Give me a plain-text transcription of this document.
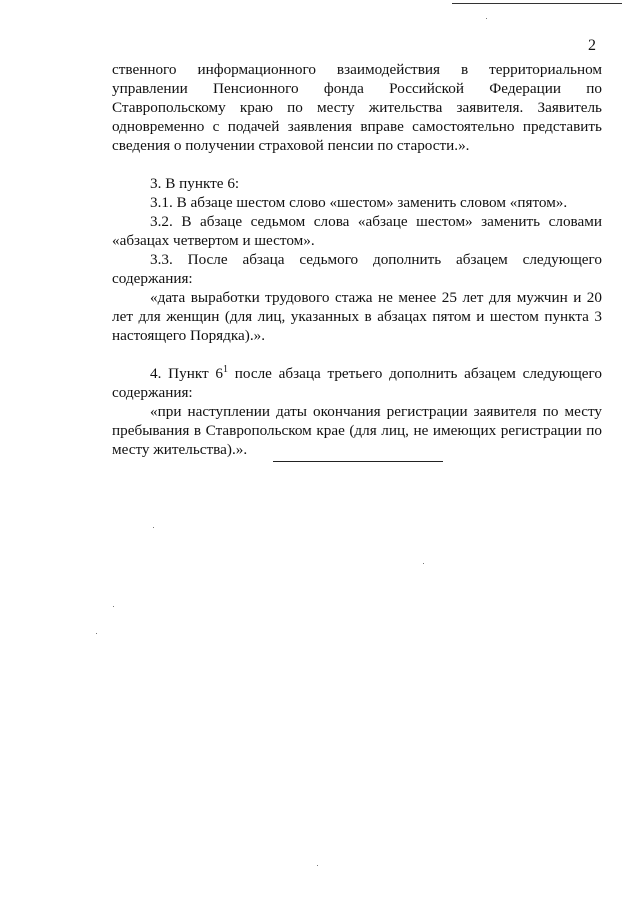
2

ственного информационного взаимодействия в территориальном управлении Пенсионного фонда Российской Федерации по Ставропольскому краю по месту жительства заявителя. Заявитель одновременно с подачей заявления вправе самостоятельно представить сведения о получении страховой пенсии по старости.».

3. В пункте 6:

3.1. В абзаце шестом слово «шестом» заменить словом «пятом».

3.2. В абзаце седьмом слова «абзаце шестом» заменить словами «абзацах четвертом и шестом».

3.3. После абзаца седьмого дополнить абзацем следующего содержания:

«дата выработки трудового стажа не менее 25 лет для мужчин и 20 лет для женщин (для лиц, указанных в абзацах пятом и шестом пункта 3 настоящего Порядка).».

4. Пункт $6^1$ после абзаца третьего дополнить абзацем следующего содержания:

«при наступлении даты окончания регистрации заявителя по месту пребывания в Ставропольском крае (для лиц, не имеющих регистрации по месту жительства).».
